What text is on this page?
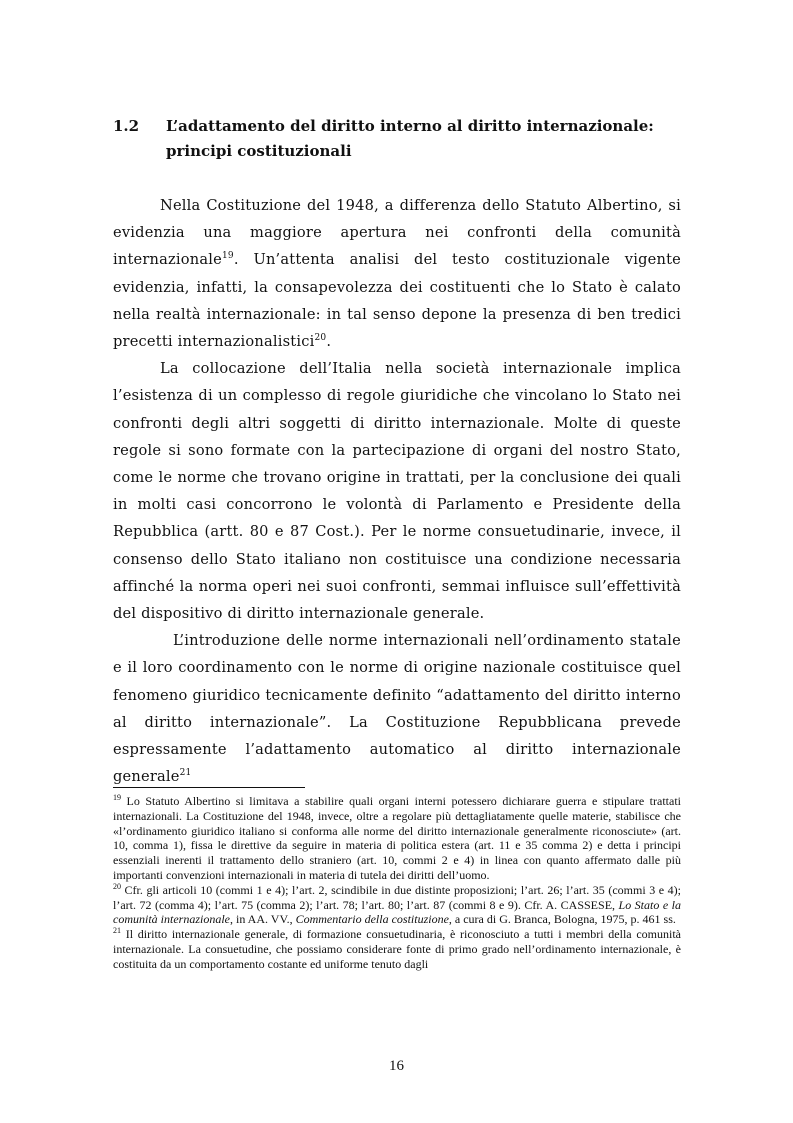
1.2 L’adattamento del diritto interno al diritto internazionale:
principi costituzionali

Nella Costituzione del 1948, a differenza dello Statuto Albertino, si evidenzia una maggiore apertura nei confronti della comunità internazionale$^{19}$. Un’attenta analisi del testo costituzionale vigente evidenzia, infatti, la consapevolezza dei costituenti che lo Stato è calato nella realtà internazionale: in tal senso depone la presenza di ben tredici precetti internazionalistici$^{20}$.

La collocazione dell’Italia nella società internazionale implica l’esistenza di un complesso di regole giuridiche che vincolano lo Stato nei confronti degli altri soggetti di diritto internazionale. Molte di queste regole si sono formate con la partecipazione di organi del nostro Stato, come le norme che trovano origine in trattati, per la conclusione dei quali in molti casi concorrono le volontà di Parlamento e Presidente della Repubblica (artt. 80 e 87 Cost.). Per le norme consuetudinarie, invece, il consenso dello Stato italiano non costituisce una condizione necessaria affinché la norma operi nei suoi confronti, semmai influisce sull’effettività del dispositivo di diritto internazionale generale.

L’introduzione delle norme internazionali nell’ordinamento statale e il loro coordinamento con le norme di origine nazionale costituisce quel fenomeno giuridico tecnicamente definito “adattamento del diritto interno al diritto internazionale”. La Costituzione Repubblicana prevede espressamente l’adattamento automatico al diritto internazionale generale$^{21}$

$^{19}$ Lo Statuto Albertino si limitava a stabilire quali organi interni potessero dichiarare guerra e stipulare trattati internazionali. La Costituzione del 1948, invece, oltre a regolare più dettagliatamente quelle materie, stabilisce che «l’ordinamento giuridico italiano si conforma alle norme del diritto internazionale generalmente riconosciute» (art. 10, comma 1), fissa le direttive da seguire in materia di politica estera (art. 11 e 35 comma 2) e detta i principi essenziali inerenti il trattamento dello straniero (art. 10, commi 2 e 4) in linea con quanto affermato dalle più importanti convenzioni internazionali in materia di tutela dei diritti dell’uomo.

$^{20}$ Cfr. gli articoli 10 (commi 1 e 4); l’art. 2, scindibile in due distinte proposizioni; l’art. 26; l’art. 35 (commi 3 e 4); l’art. 72 (comma 4); l’art. 75 (comma 2); l’art. 78; l’art. 80; l’art. 87 (commi 8 e 9). Cfr. A. CASSESE, Lo Stato e la comunità internazionale, in AA. VV., Commentario della costituzione, a cura di G. Branca, Bologna, 1975, p. 461 ss.

$^{21}$ Il diritto internazionale generale, di formazione consuetudinaria, è riconosciuto a tutti i membri della comunità internazionale. La consuetudine, che possiamo considerare fonte di primo grado nell’ordinamento internazionale, è costituita da un comportamento costante ed uniforme tenuto dagli

16
